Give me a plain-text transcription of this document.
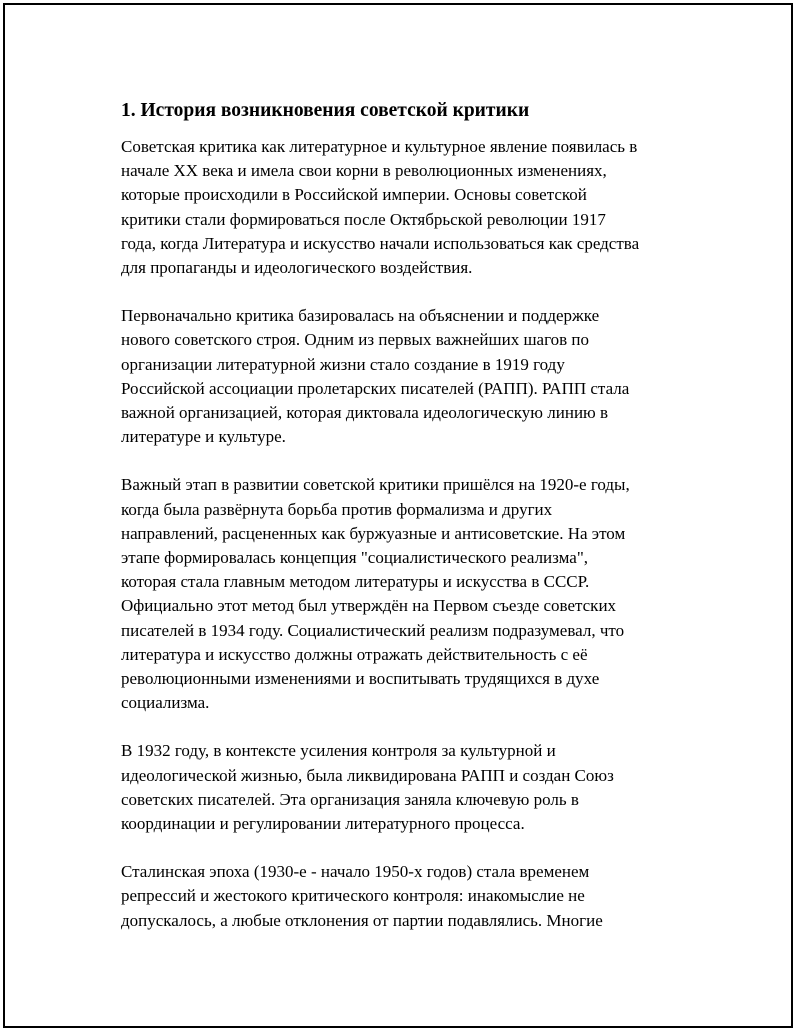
1. История возникновения советской критики
Советская критика как литературное и культурное явление появилась в
начале XX века и имела свои корни в революционных изменениях,
которые происходили в Российской империи. Основы советской
критики стали формироваться после Октябрьской революции 1917
года, когда Литература и искусство начали использоваться как средства
для пропаганды и идеологического воздействия.
Первоначально критика базировалась на объяснении и поддержке
нового советского строя. Одним из первых важнейших шагов по
организации литературной жизни стало создание в 1919 году
Российской ассоциации пролетарских писателей (РАПП). РАПП стала
важной организацией, которая диктовала идеологическую линию в
литературе и культуре.
Важный этап в развитии советской критики пришёлся на 1920-е годы,
когда была развёрнута борьба против формализма и других
направлений, расцененных как буржуазные и антисоветские. На этом
этапе формировалась концепция "социалистического реализма",
которая стала главным методом литературы и искусства в СССР.
Официально этот метод был утверждён на Первом съезде советских
писателей в 1934 году. Социалистический реализм подразумевал, что
литература и искусство должны отражать действительность с её
революционными изменениями и воспитывать трудящихся в духе
социализма.
В 1932 году, в контексте усиления контроля за культурной и
идеологической жизнью, была ликвидирована РАПП и создан Союз
советских писателей. Эта организация заняла ключевую роль в
координации и регулировании литературного процесса.
Сталинская эпоха (1930-е - начало 1950-х годов) стала временем
репрессий и жестокого критического контроля: инакомыслие не
допускалось, а любые отклонения от партии подавлялись. Многие
